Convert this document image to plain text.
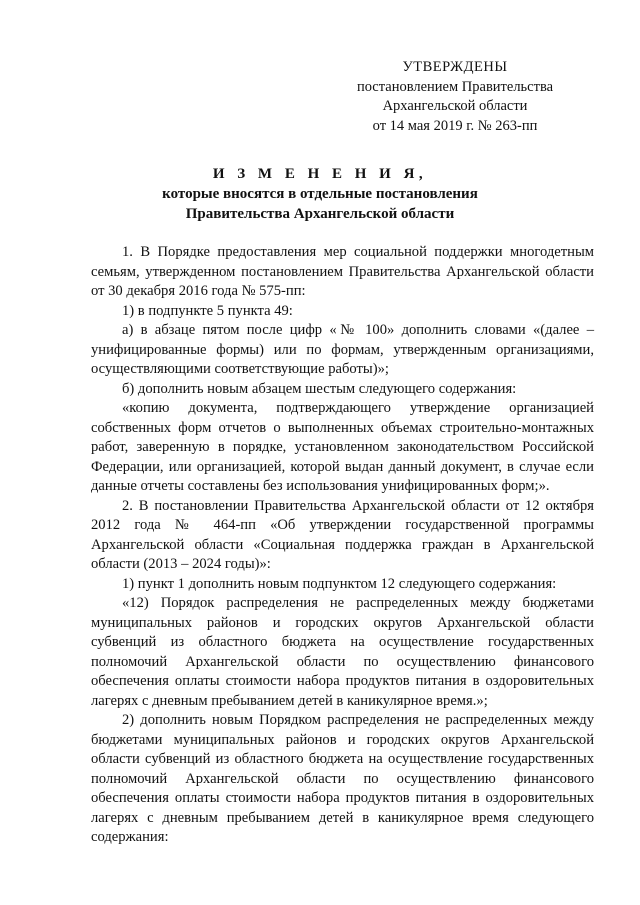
УТВЕРЖДЕНЫ
постановлением Правительства
Архангельской области
от 14 мая 2019 г. № 263-пп
И З М Е Н Е Н И Я,
которые вносятся в отдельные постановления
Правительства Архангельской области

1. В Порядке предоставления мер социальной поддержки многодетным семьям, утвержденном постановлением Правительства Архангельской области от 30 декабря 2016 года № 575-пп:

1) в подпункте 5 пункта 49:

а) в абзаце пятом после цифр «№ 100» дополнить словами «(далее – унифицированные формы) или по формам, утвержденным организациями, осуществляющими соответствующие работы)»;

б) дополнить новым абзацем шестым следующего содержания:

«копию документа, подтверждающего утверждение организацией собственных форм отчетов о выполненных объемах строительно-монтажных работ, заверенную в порядке, установленном законодательством Российской Федерации, или организацией, которой выдан данный документ, в случае если данные отчеты составлены без использования унифицированных форм;».

2. В постановлении Правительства Архангельской области от 12 октября 2012 года № 464-пп «Об утверждении государственной программы Архангельской области «Социальная поддержка граждан в Архангельской области (2013 – 2024 годы)»:

1) пункт 1 дополнить новым подпунктом 12 следующего содержания:

«12) Порядок распределения не распределенных между бюджетами муниципальных районов и городских округов Архангельской области субвенций из областного бюджета на осуществление государственных полномочий Архангельской области по осуществлению финансового обеспечения оплаты стоимости набора продуктов питания в оздоровительных лагерях с дневным пребыванием детей в каникулярное время.»;

2) дополнить новым Порядком распределения не распределенных между бюджетами муниципальных районов и городских округов Архангельской области субвенций из областного бюджета на осуществление государственных полномочий Архангельской области по осуществлению финансового обеспечения оплаты стоимости набора продуктов питания в оздоровительных лагерях с дневным пребыванием детей в каникулярное время следующего содержания:
